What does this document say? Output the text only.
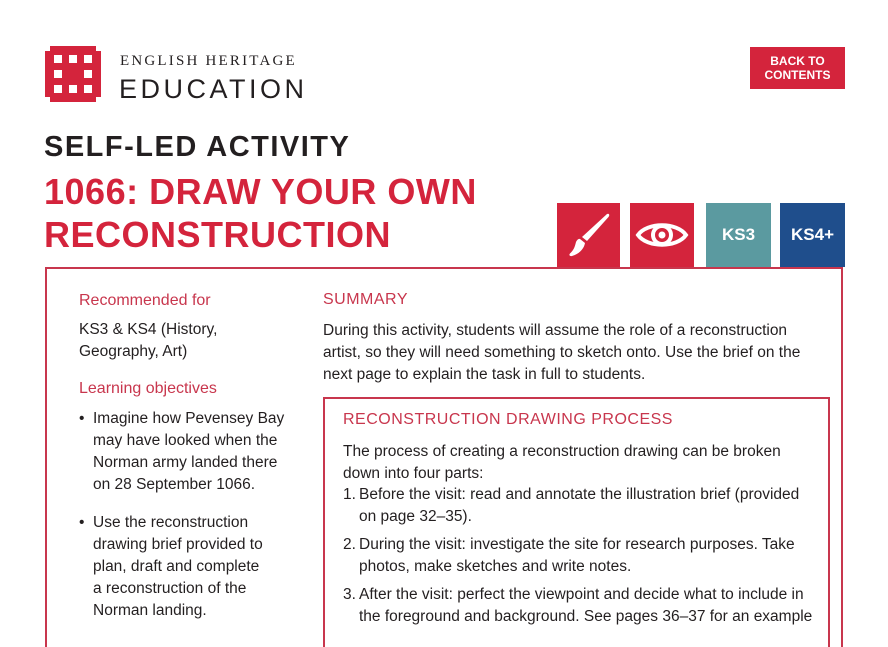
ENGLISH HERITAGE
EDUCATION
BACK TO
CONTENTS
SELF-LED ACTIVITY
1066: DRAW YOUR OWN
RECONSTRUCTION	KS3	KS4+
Recommended for
KS3 & KS4 (History,
Geography, Art)
Learning objectives
• Imagine how Pevensey Bay
may have looked when the
Norman army landed there
on 28 September 1066.
• Use the reconstruction
drawing brief provided to
plan, draft and complete
a reconstruction of the
Norman landing.
SUMMARY
During this activity, students will assume the role of a reconstruction
artist, so they will need something to sketch onto. Use the brief on the
next page to explain the task in full to students.
RECONSTRUCTION DRAWING PROCESS
The process of creating a reconstruction drawing can be broken
down into four parts:
1. Before the visit: read and annotate the illustration brief (provided
on page 32–35).
2. During the visit: investigate the site for research purposes. Take
photos, make sketches and write notes.
3. After the visit: perfect the viewpoint and decide what to include in
the foreground and background. See pages 36–37 for an example
